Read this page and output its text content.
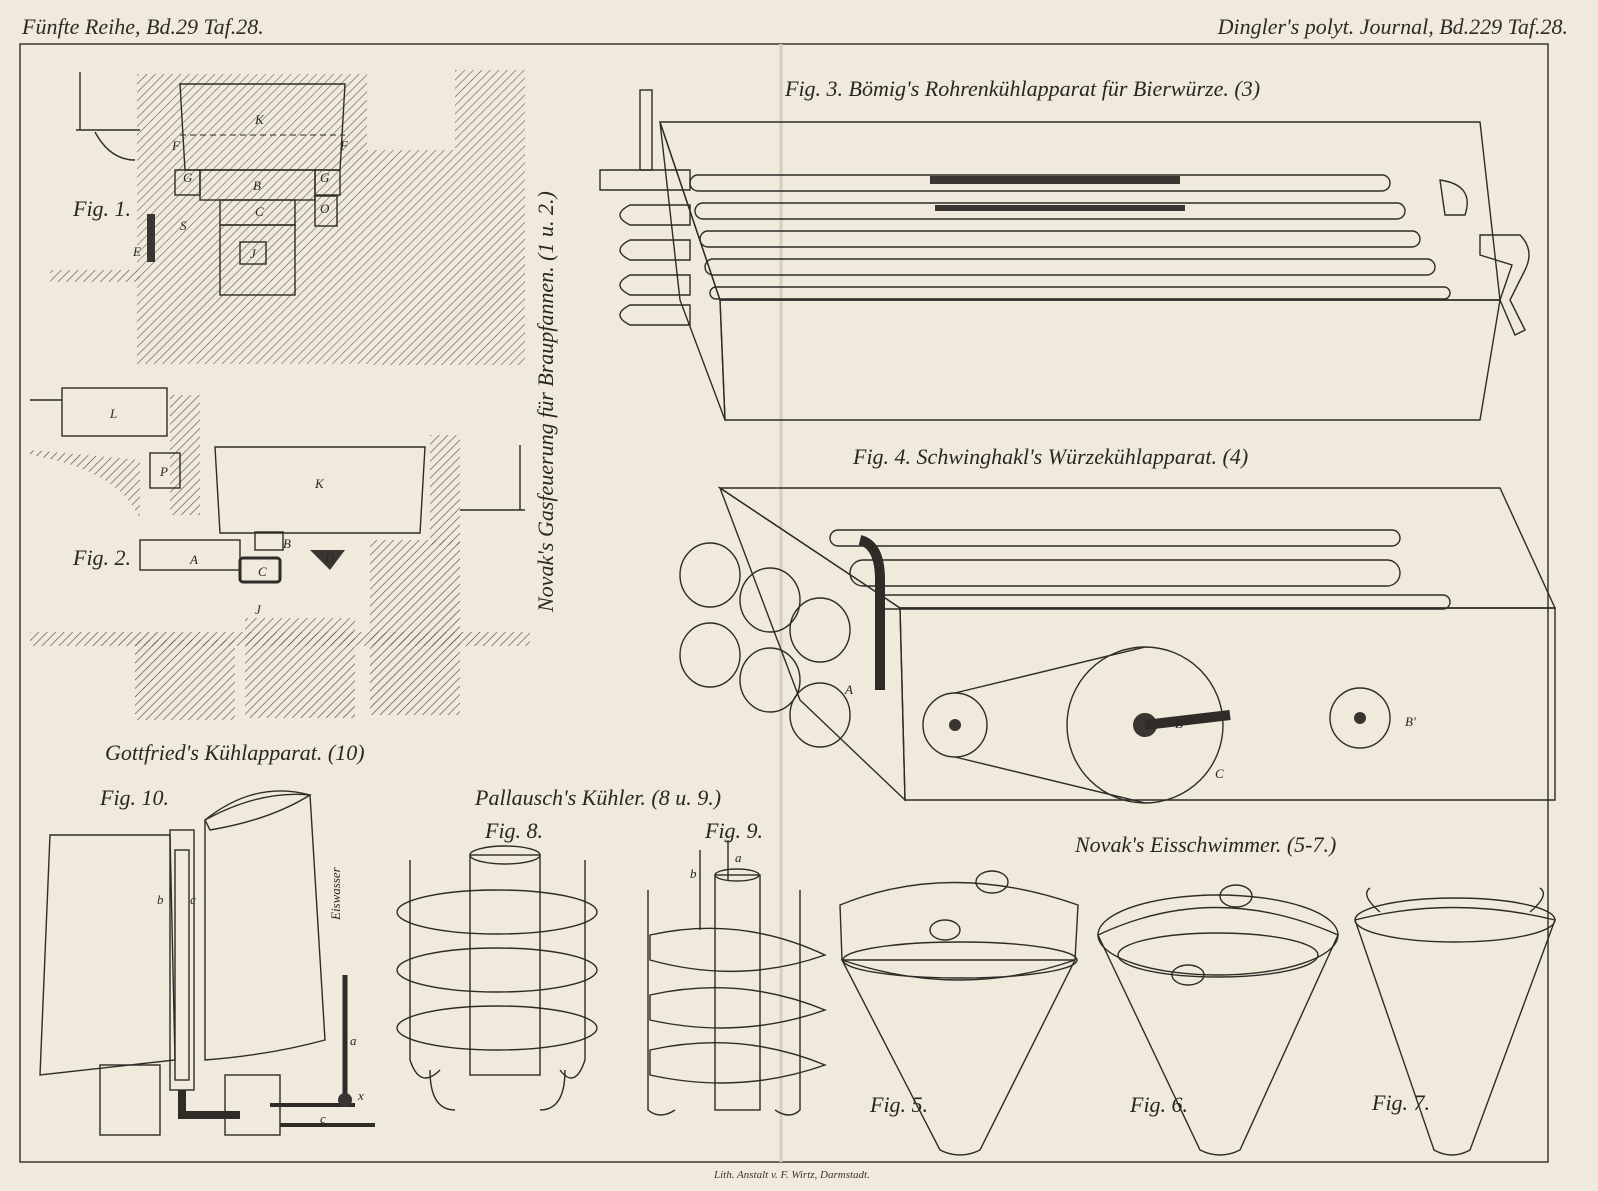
Fünfte Reihe, Bd.29 Taf.28.	Dingler's polyt. Journal, Bd.229 Taf.28.
K
F	F
G	G
B
C
S
O
E	J
Fig. 1.
L
P
K
A
B
C
D
J
Fig. 2.	Novak's Gasfeuerung für Braupfannen. (1 u. 2.)
Fig. 3. Bömig's Rohrenkühlapparat für Bierwürze. (3)
Fig. 4. Schwinghakl's Würzekühlapparat. (4)
A
B	B'
C
Gottfried's Kühlapparat. (10)
Fig. 10.
b c
a
x
c
Eiswasser
Pallausch's Kühler. (8 u. 9.)
Fig. 8.	Fig. 9.
b
a
Novak's Eisschwimmer. (5-7.)
Fig. 5.	Fig. 6.	Fig. 7.
Lith. Anstalt v. F. Wirtz, Darmstadt.
